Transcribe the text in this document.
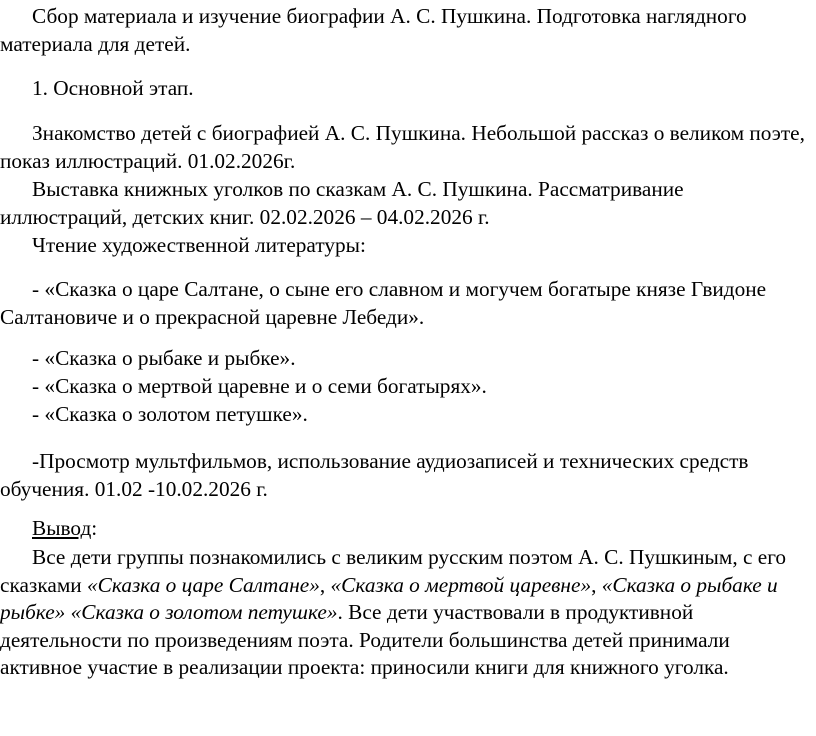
Сбор материала и изучение биографии А. С. Пушкина. Подготовка наглядного материала для детей.

1. Основной этап.

Знакомство детей с биографией А. С. Пушкина. Небольшой рассказ о великом поэте, показ иллюстраций. 01.02.2026г.

Выставка книжных уголков по сказкам А. С. Пушкина. Рассматривание иллюстраций, детских книг. 02.02.2026 – 04.02.2026 г.

Чтение художественной литературы:

- «Сказка о царе Салтане, о сыне его славном и могучем богатыре князе Гвидоне Салтановиче и о прекрасной царевне Лебеди».

- «Сказка о рыбаке и рыбке».

- «Сказка о мертвой царевне и о семи богатырях».

- «Сказка о золотом петушке».

-Просмотр мультфильмов, использование аудиозаписей и технических средств обучения. 01.02 -10.02.2026 г.

Вывод:

Все дети группы познакомились с великим русским поэтом А. С. Пушкиным, с его сказками «Сказка о царе Салтане», «Сказка о мертвой царевне», «Сказка о рыбаке и рыбке» «Сказка о золотом петушке». Все дети участвовали в продуктивной деятельности по произведениям поэта. Родители большинства детей принимали активное участие в реализации проекта: приносили книги для книжного уголка.
